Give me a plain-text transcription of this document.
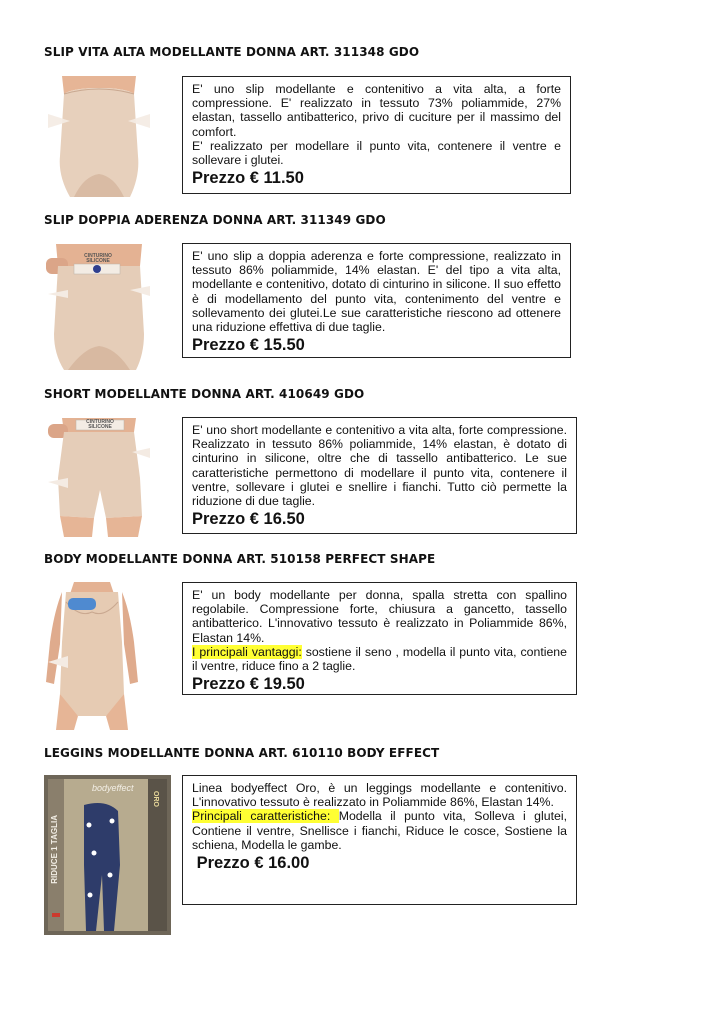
SLIP VITA ALTA MODELLANTE DONNA ART. 311348 GDO

E' uno slip modellante e contenitivo a vita alta, a forte compressione. E' realizzato in tessuto 73% poliammide, 27% elastan, tassello antibatterico, privo di cuciture per il massimo del comfort.

E' realizzato per modellare il punto vita, contenere il ventre e sollevare i glutei.

Prezzo € 11.50

SLIP DOPPIA ADERENZA DONNA ART. 311349 GDO
CINTURINO SILICONE	E' uno slip a doppia aderenza e forte compressione, realizzato in tessuto 86% poliammide, 14% elastan. E' del tipo a vita alta, modellante e contenitivo, dotato di cinturino in silicone. Il suo effetto è di modellamento del punto vita, contenimento del ventre e sollevamento dei glutei.Le sue caratteristiche riescono ad ottenere una riduzione effettiva di due taglie.

Prezzo € 15.50

SHORT MODELLANTE DONNA ART. 410649 GDO
CINTURINO SILICONE	E' uno short modellante e contenitivo a vita alta, forte compressione. Realizzato in tessuto 86% poliammide, 14% elastan, è dotato di cinturino in silicone, oltre che di tassello antibatterico. Le sue caratteristiche permettono di modellare il punto vita, contenere il ventre, sollevare i glutei e snellire i fianchi. Tutto ciò permette la riduzione di due taglie.

Prezzo € 16.50

BODY MODELLANTE DONNA ART. 510158 PERFECT SHAPE

E' un body modellante per donna, spalla stretta con spallino regolabile. Compressione forte, chiusura a gancetto, tassello antibatterico. L'innovativo tessuto è realizzato in Poliammide 86%, Elastan 14%.

I principali vantaggi: sostiene il seno , modella il punto vita, contiene il ventre, riduce fino a 2 taglie.

Prezzo € 19.50

LEGGINS MODELLANTE DONNA ART. 610110 BODY EFFECT
bodyeffect
ORO
RIDUCE 1 TAGLIA

Linea bodyeffect Oro, è un leggings modellante e contenitivo. L'innovativo tessuto è realizzato in Poliammide 86%, Elastan 14%.

Principali caratteristiche: Modella il punto vita, Solleva i glutei, Contiene il ventre, Snellisce i fianchi, Riduce le cosce, Sostiene la schiena, Modella le gambe.

Prezzo € 16.00
